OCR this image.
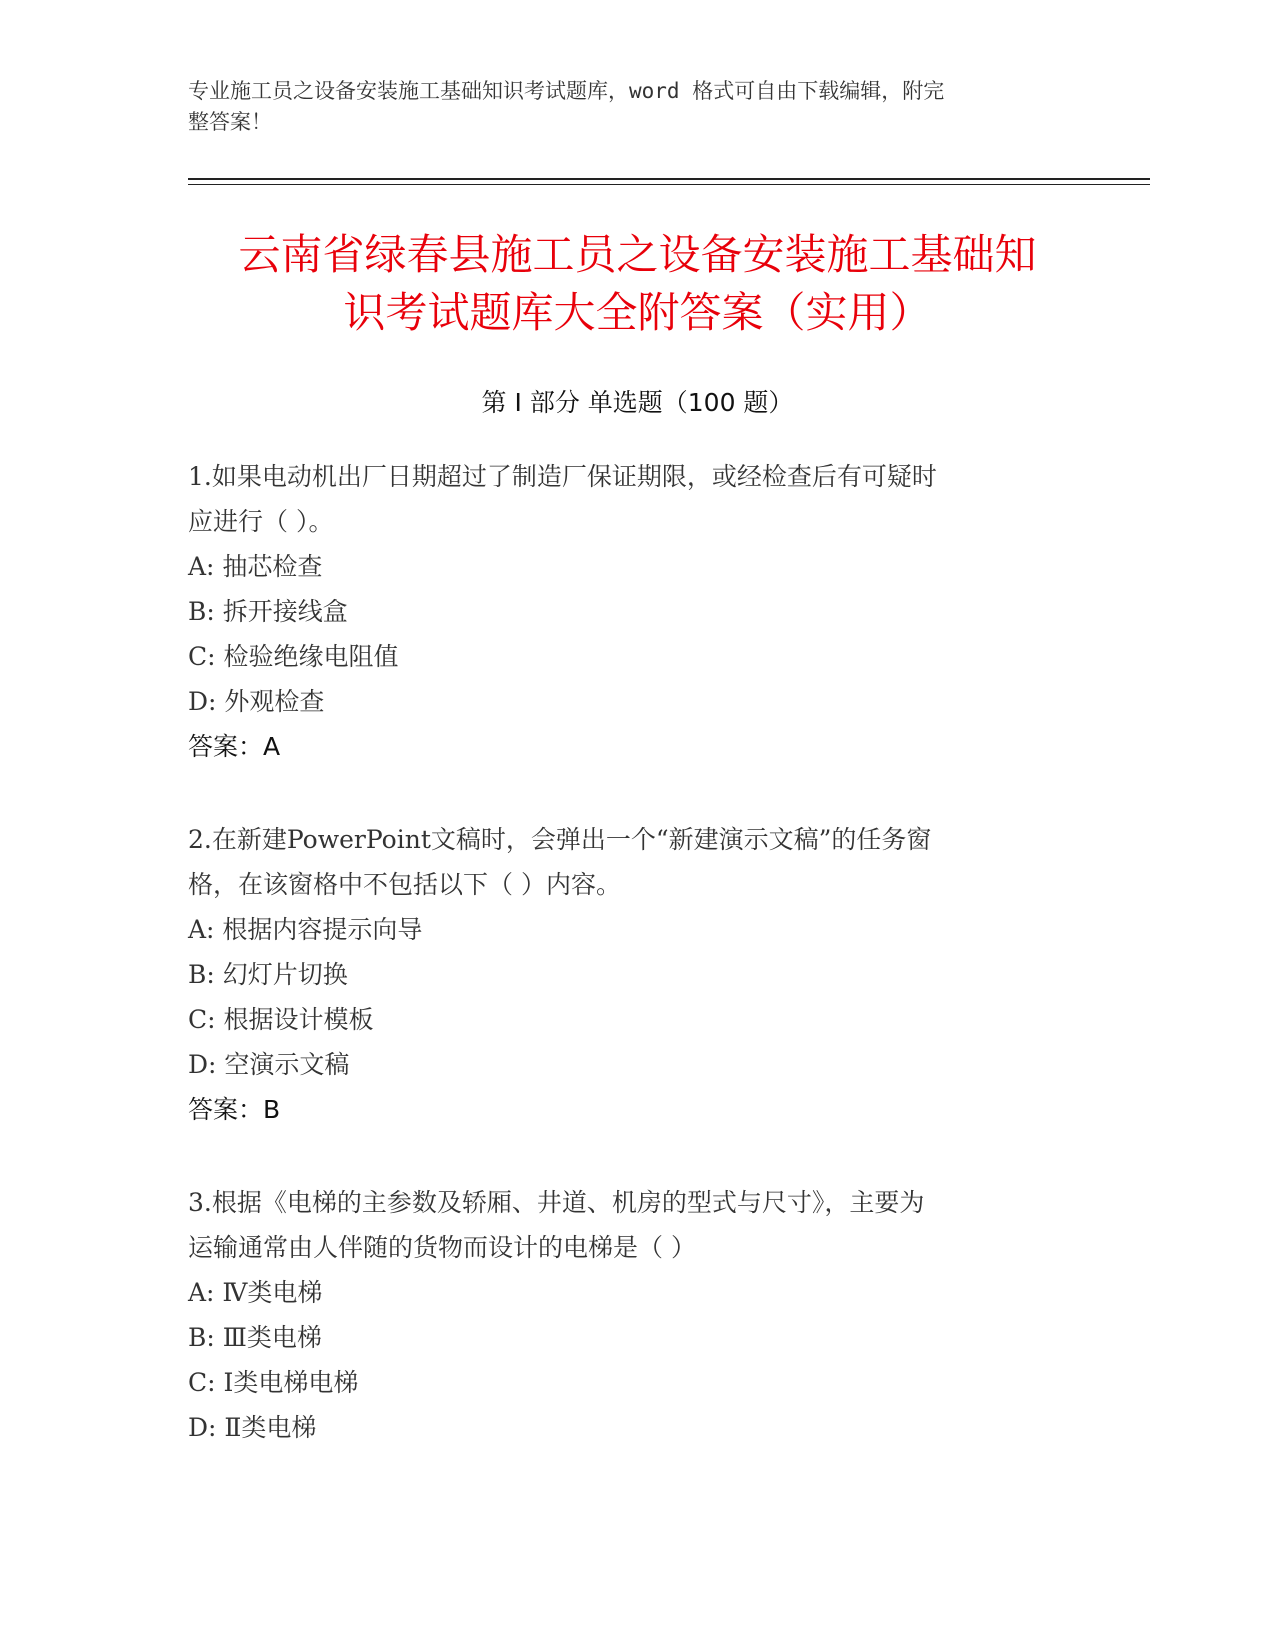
专业施工员之设备安装施工基础知识考试题库，word 格式可自由下载编辑，附完
整答案！
云南省绿春县施工员之设备安装施工基础知
识考试题库大全附答案（实用）
第 I 部分 单选题（100 题）
1.如果电动机出厂日期超过了制造厂保证期限，或经检查后有可疑时
应进行（ ）。
A: 抽芯检查
B: 拆开接线盒
C: 检验绝缘电阻值
D: 外观检查
答案：A
2.在新建PowerPoint文稿时，会弹出一个“新建演示文稿”的任务窗
格，在该窗格中不包括以下（ ）内容。
A: 根据内容提示向导
B: 幻灯片切换
C: 根据设计模板
D: 空演示文稿
答案：B
3.根据《电梯的主参数及轿厢、井道、机房的型式与尺寸》，主要为
运输通常由人伴随的货物而设计的电梯是（ ）
A: Ⅳ类电梯
B: Ⅲ类电梯
C: Ⅰ类电梯电梯
D: Ⅱ类电梯
